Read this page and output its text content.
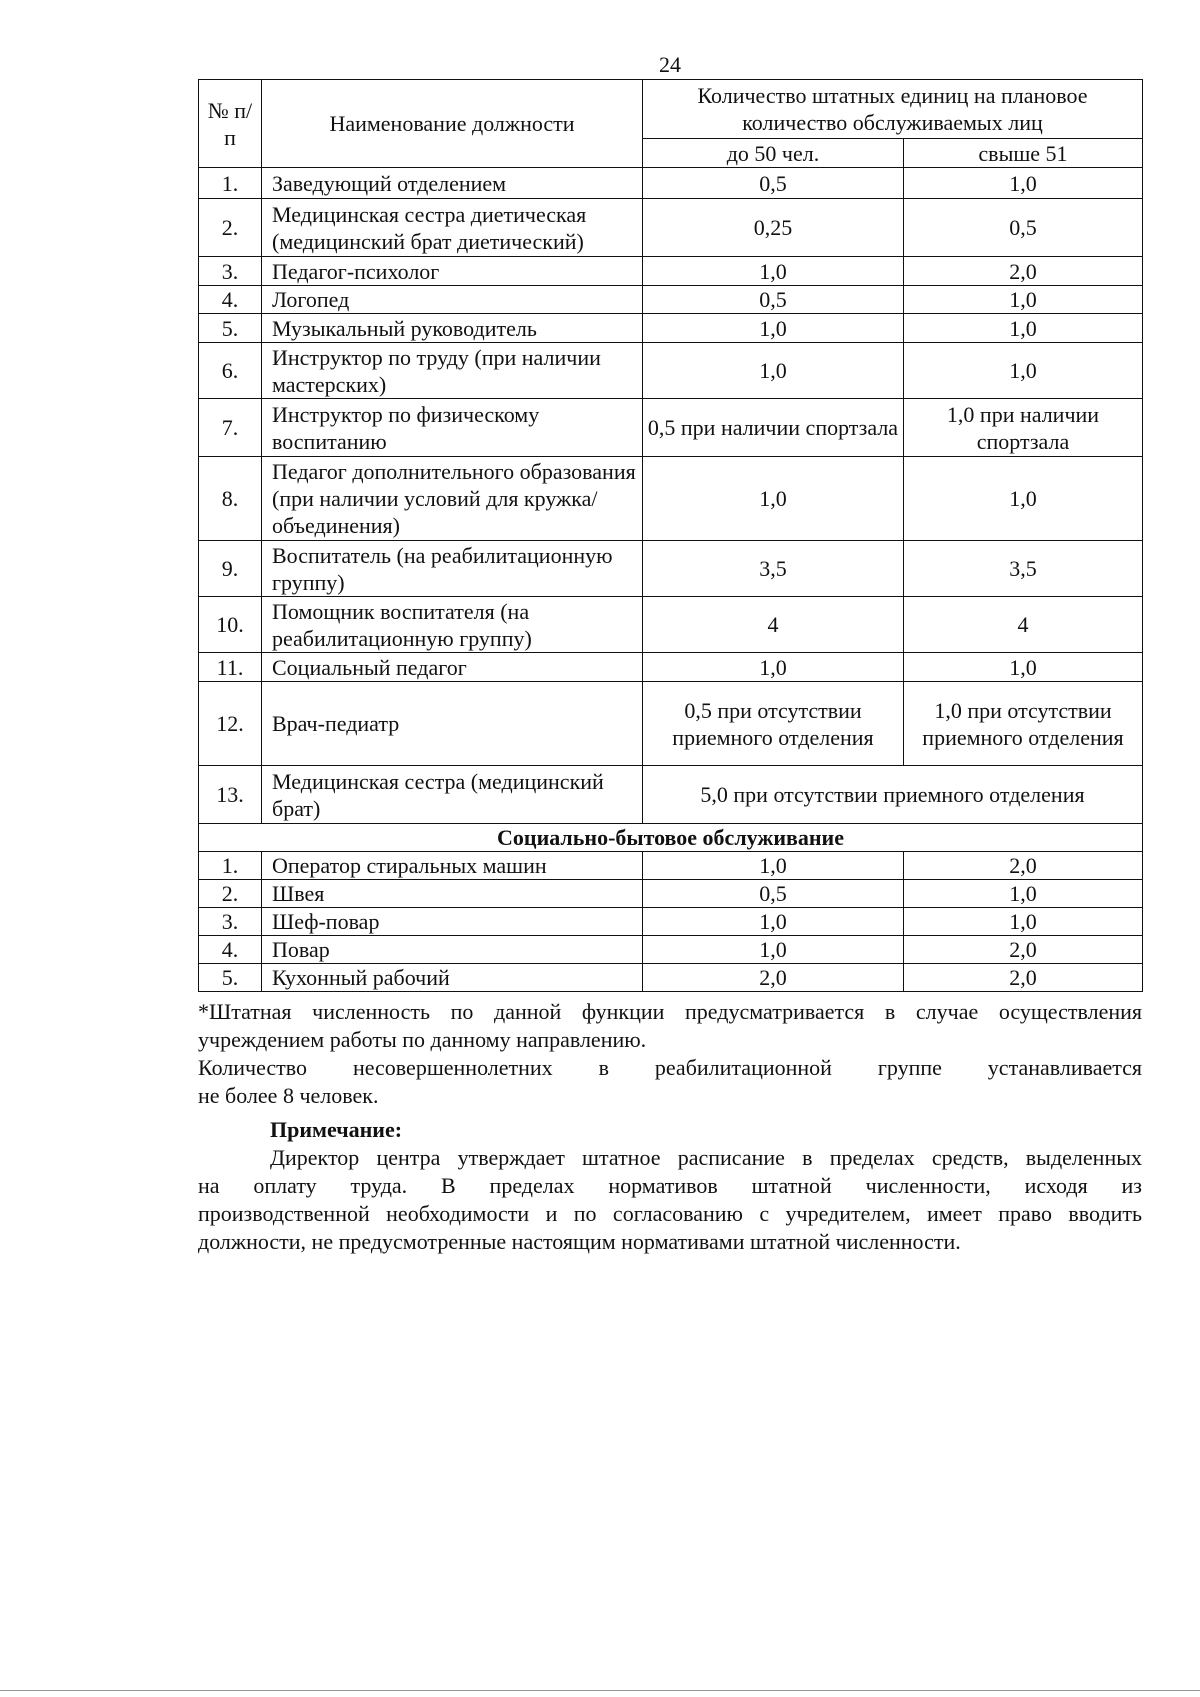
24
№ п/п	Наименование должности	Количество штатных единиц на плановое количество обслуживаемых лиц	
		до 50 чел.	свыше 51
1.	Заведующий отделением	0,5	1,0
2.	Медицинская сестра диетическая (медицинский брат диетический)	0,25	0,5
3.	Педагог-психолог	1,0	2,0
4.	Логопед	0,5	1,0
5.	Музыкальный руководитель	1,0	1,0
6.	Инструктор по труду (при наличии мастерских)	1,0	1,0
7.	Инструктор по физическому воспитанию	0,5 при наличии спортзала	1,0 при наличии спортзала
8.	Педагог дополнительного образования (при наличии условий для кружка/объединения)	1,0	1,0
9.	Воспитатель (на реабилитационную группу)	3,5	3,5
10.	Помощник воспитателя (на реабилитационную группу)	4	4
11.	Социальный педагог	1,0	1,0
12.	Врач-педиатр	0,5 при отсутствии приемного отделения	1,0 при отсутствии приемного отделения
13.	Медицинская сестра (медицинский брат)	5,0 при отсутствии приемного отделения	
Социально-бытовое обслуживание			
1.	Оператор стиральных машин	1,0	2,0
2.	Швея	0,5	1,0
3.	Шеф-повар	1,0	1,0
4.	Повар	1,0	2,0
5.	Кухонный рабочий	2,0	2,0

*Штатная численность по данной функции предусматривается в случае осуществления

учреждением работы по данному направлению.

Количество несовершеннолетних в реабилитационной группе устанавливается

не более 8 человек.

Примечание:

Директор центра утверждает штатное расписание в пределах средств, выделенных

на оплату труда. В пределах нормативов штатной численности, исходя из

производственной необходимости и по согласованию с учредителем, имеет право вводить

должности, не предусмотренные настоящим нормативами штатной численности.
